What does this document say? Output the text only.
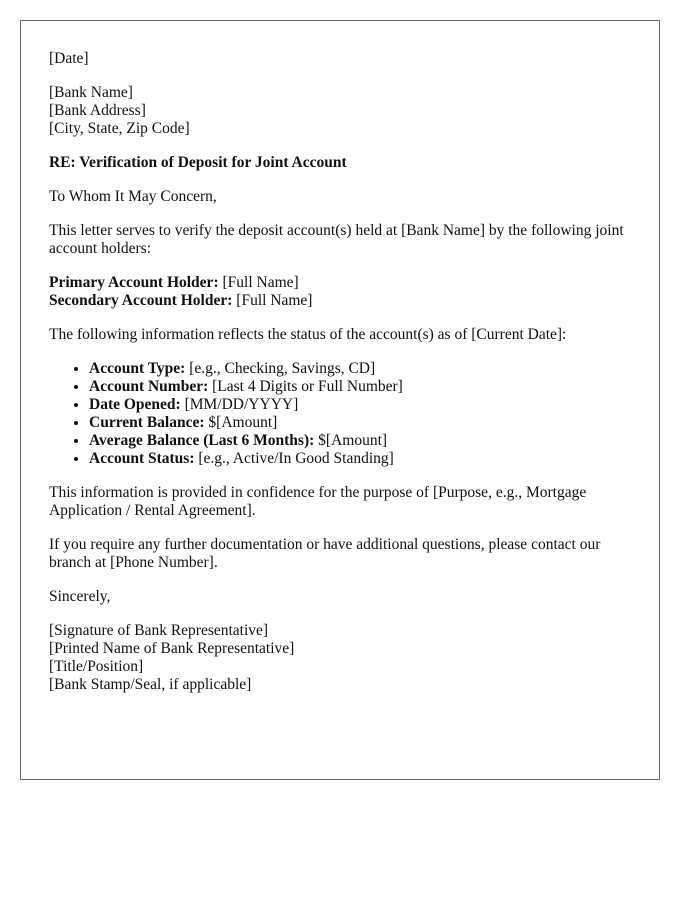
[Date]

[Bank Name]
[Bank Address]
[City, State, Zip Code]

RE: Verification of Deposit for Joint Account

To Whom It May Concern,

This letter serves to verify the deposit account(s) held at [Bank Name] by the following joint account holders:

Primary Account Holder: [Full Name]
Secondary Account Holder: [Full Name]

The following information reflects the status of the account(s) as of [Current Date]:

• Account Type: [e.g., Checking, Savings, CD]
• Account Number: [Last 4 Digits or Full Number]
• Date Opened: [MM/DD/YYYY]
• Current Balance: $[Amount]
• Average Balance (Last 6 Months): $[Amount]
• Account Status: [e.g., Active/In Good Standing]

This information is provided in confidence for the purpose of [Purpose, e.g., Mortgage Application / Rental Agreement].

If you require any further documentation or have additional questions, please contact our branch at [Phone Number].

Sincerely,

[Signature of Bank Representative]
[Printed Name of Bank Representative]
[Title/Position]
[Bank Stamp/Seal, if applicable]
